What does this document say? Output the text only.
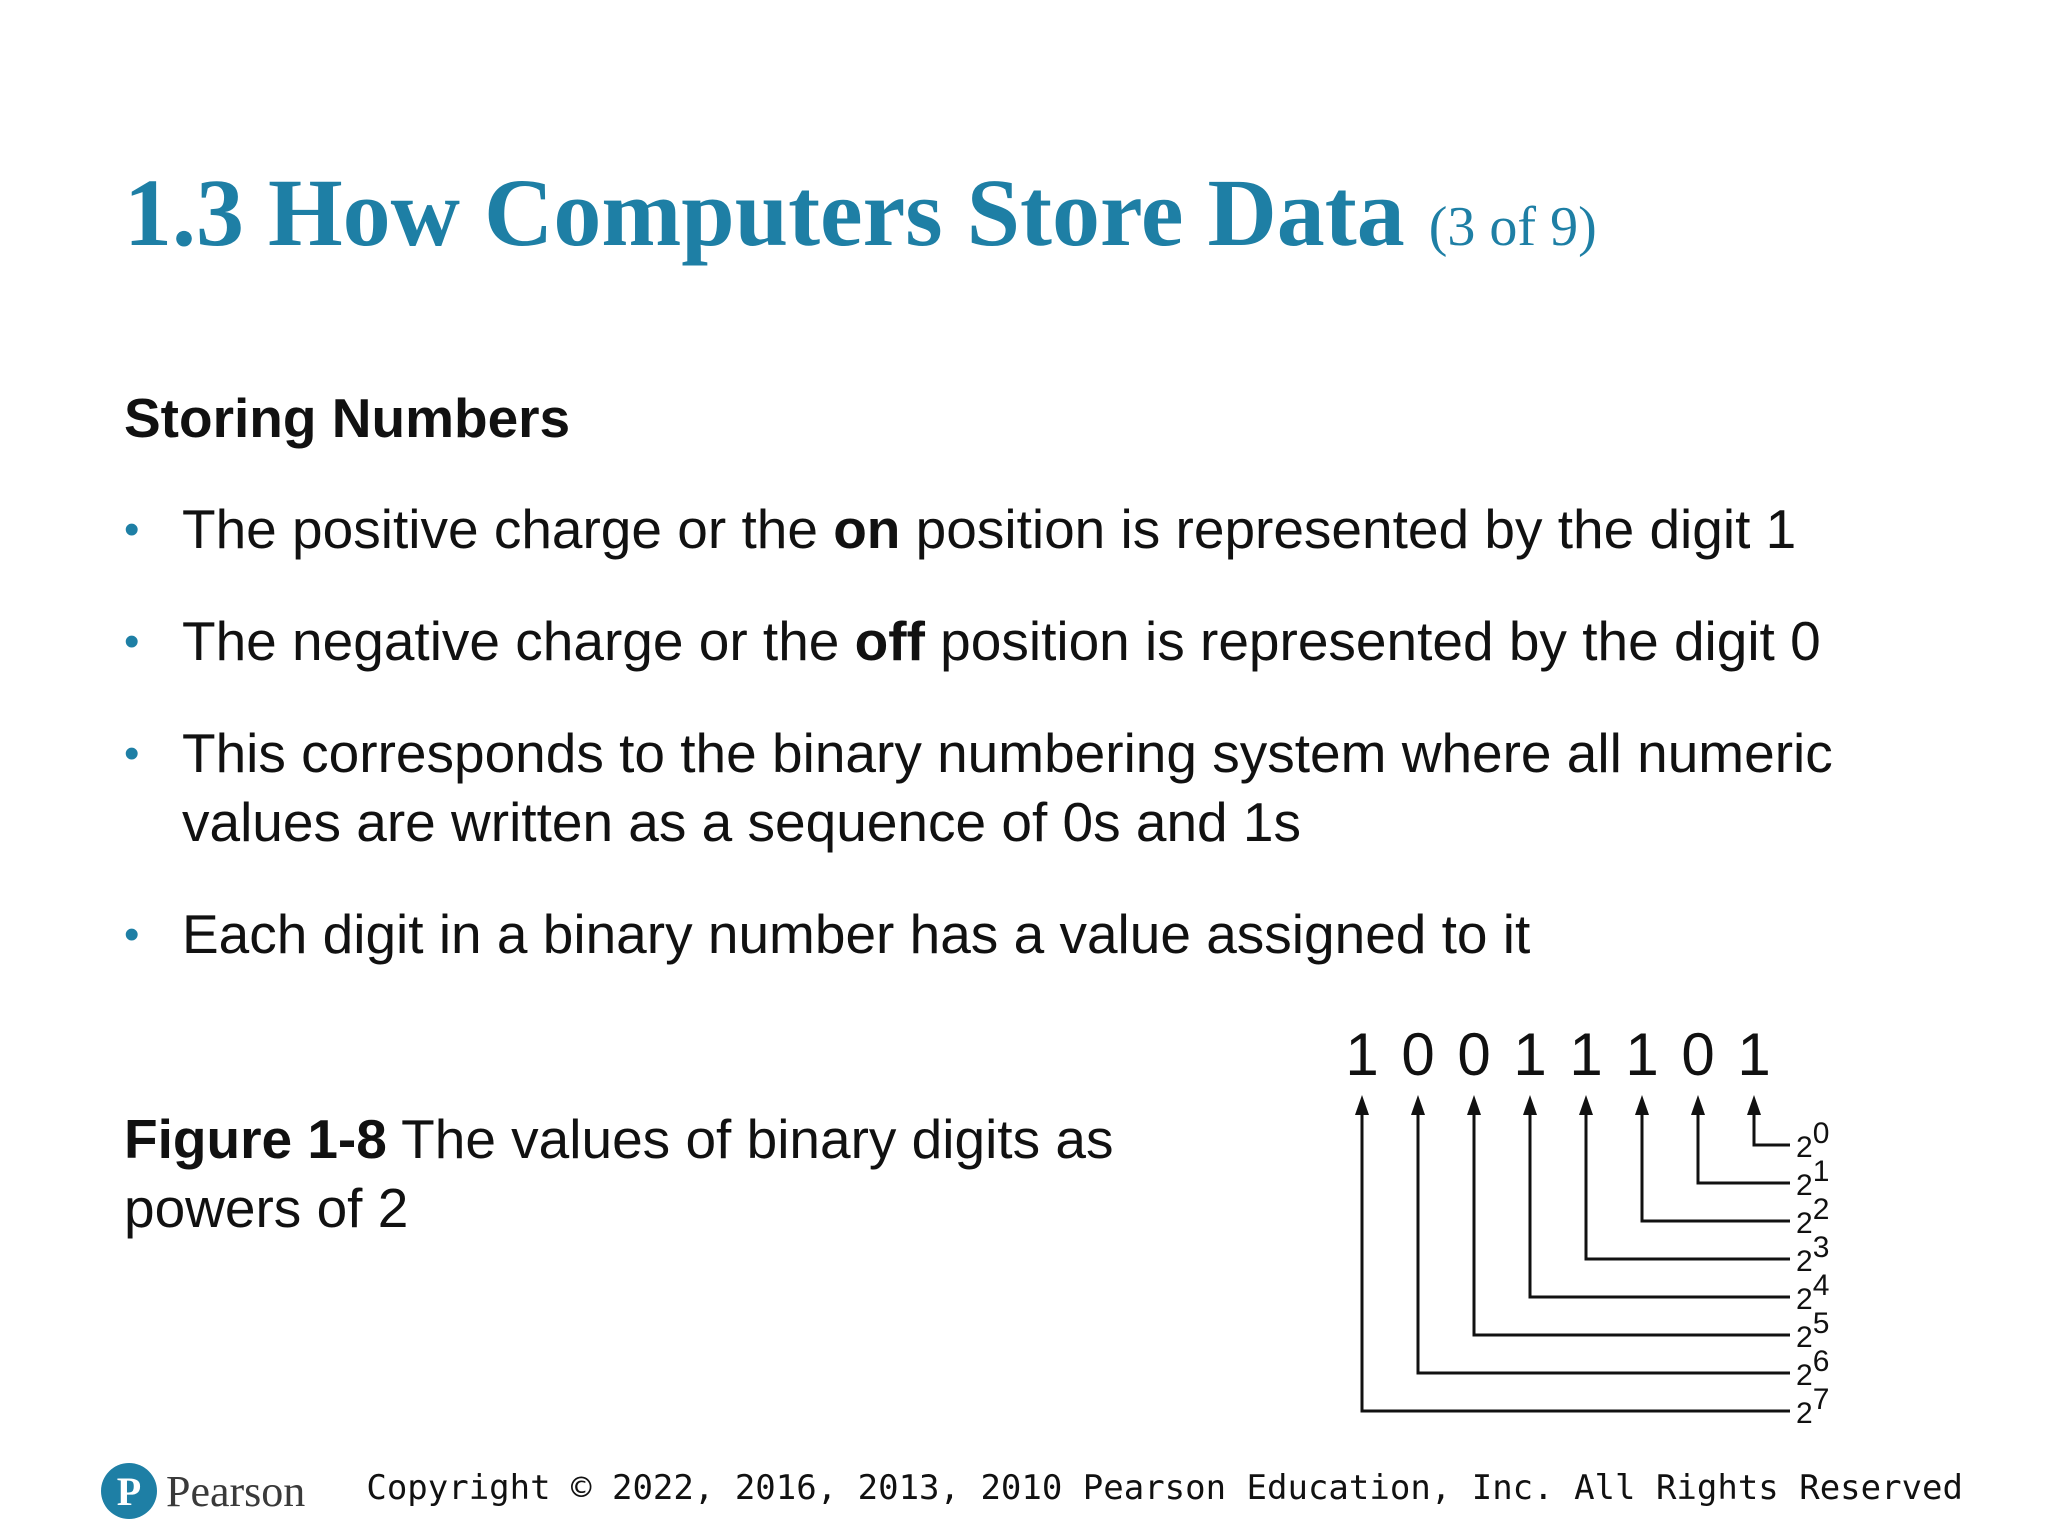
1.3 How Computers Store Data (3 of 9)
Storing Numbers
• The positive charge or the on position is represented by the digit 1
• The negative charge or the off position is represented by the digit 0
• This corresponds to the binary numbering system where all numeric values are written as a sequence of 0s and 1s
• Each digit in a binary number has a value assigned to it

Figure 1-8 The values of binary digits as powers of 2

1 0 0 1 1 1 0 1
20
21
22
23
24
25
26
27
P Pearson Copyright © 2022, 2016, 2013, 2010 Pearson Education, Inc. All Rights Reserved
